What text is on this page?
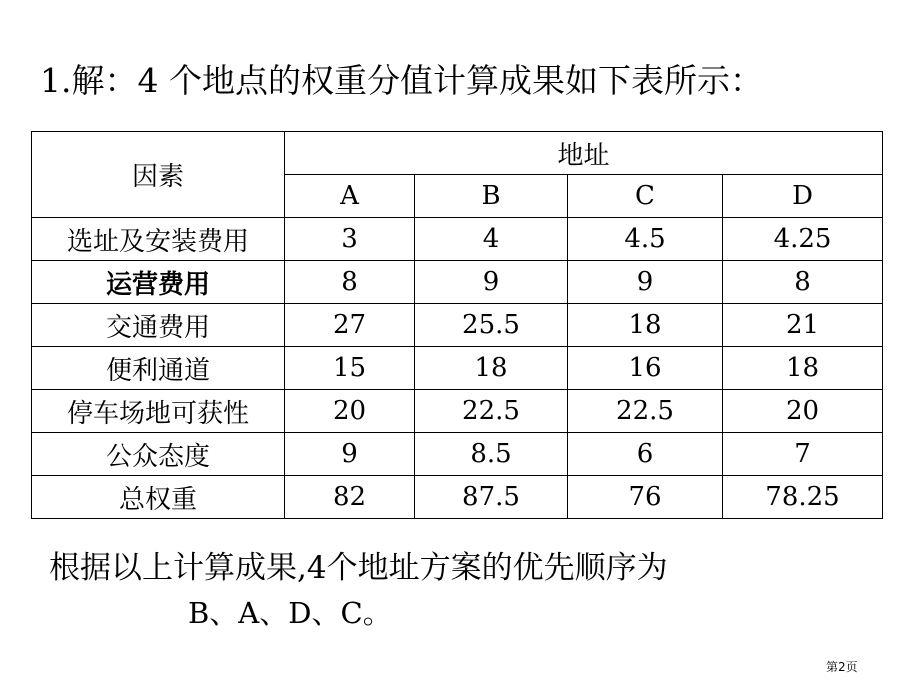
1.解：4 个地点的权重分值计算成果如下表所示：
因素	地址			
	A	B	C	D
选址及安装费用	3	4	4.5	4.25
运营费用	8	9	9	8
交通费用	27	25.5	18	21
便利通道	15	18	16	18
停车场地可获性	20	22.5	22.5	20
公众态度	9	8.5	6	7
总权重	82	87.5	76	78.25
根据以上计算成果,4个地址方案的优先顺序为
B、A、D、C。
第2页
